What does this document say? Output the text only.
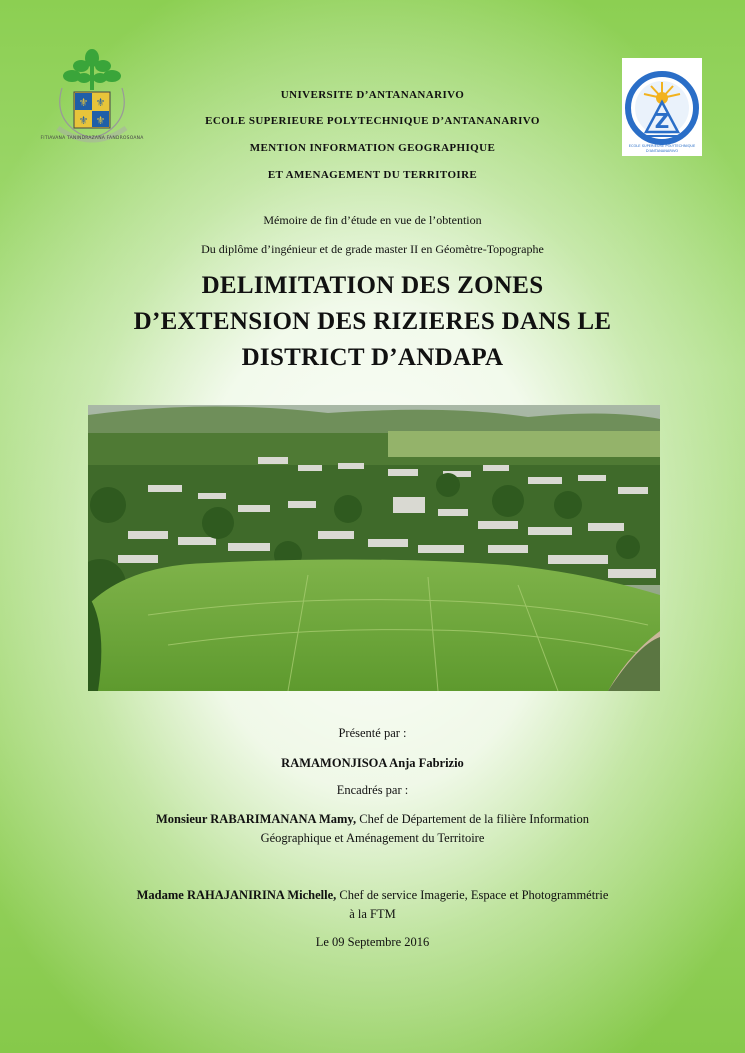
⚜ ⚜
⚜ ⚜
FITIAVANA TANINDRAZANA FANDROSOANA
Z
ECOLE SUPERIEURE POLYTECHNIQUE D'ANTANANARIVO
UNIVERSITE D’ANTANANARIVO
ECOLE SUPERIEURE POLYTECHNIQUE D’ANTANANARIVO
MENTION INFORMATION GEOGRAPHIQUE
ET AMENAGEMENT DU TERRITOIRE
Mémoire de fin d’étude en vue de l’obtention
Du diplôme d’ingénieur et de grade master II en Géomètre-Topographe
DELIMITATION DES ZONES
D’EXTENSION DES RIZIERES DANS LE
DISTRICT D’ANDAPA
Présenté par :
RAMAMONJISOA Anja Fabrizio
Encadrés par :
Monsieur RABARIMANANA Mamy, Chef de Département de la filière Information
Géographique et Aménagement du Territoire
Madame RAHAJANIRINA Michelle, Chef de service Imagerie, Espace et Photogrammétrie
à la FTM
Le 09 Septembre 2016
